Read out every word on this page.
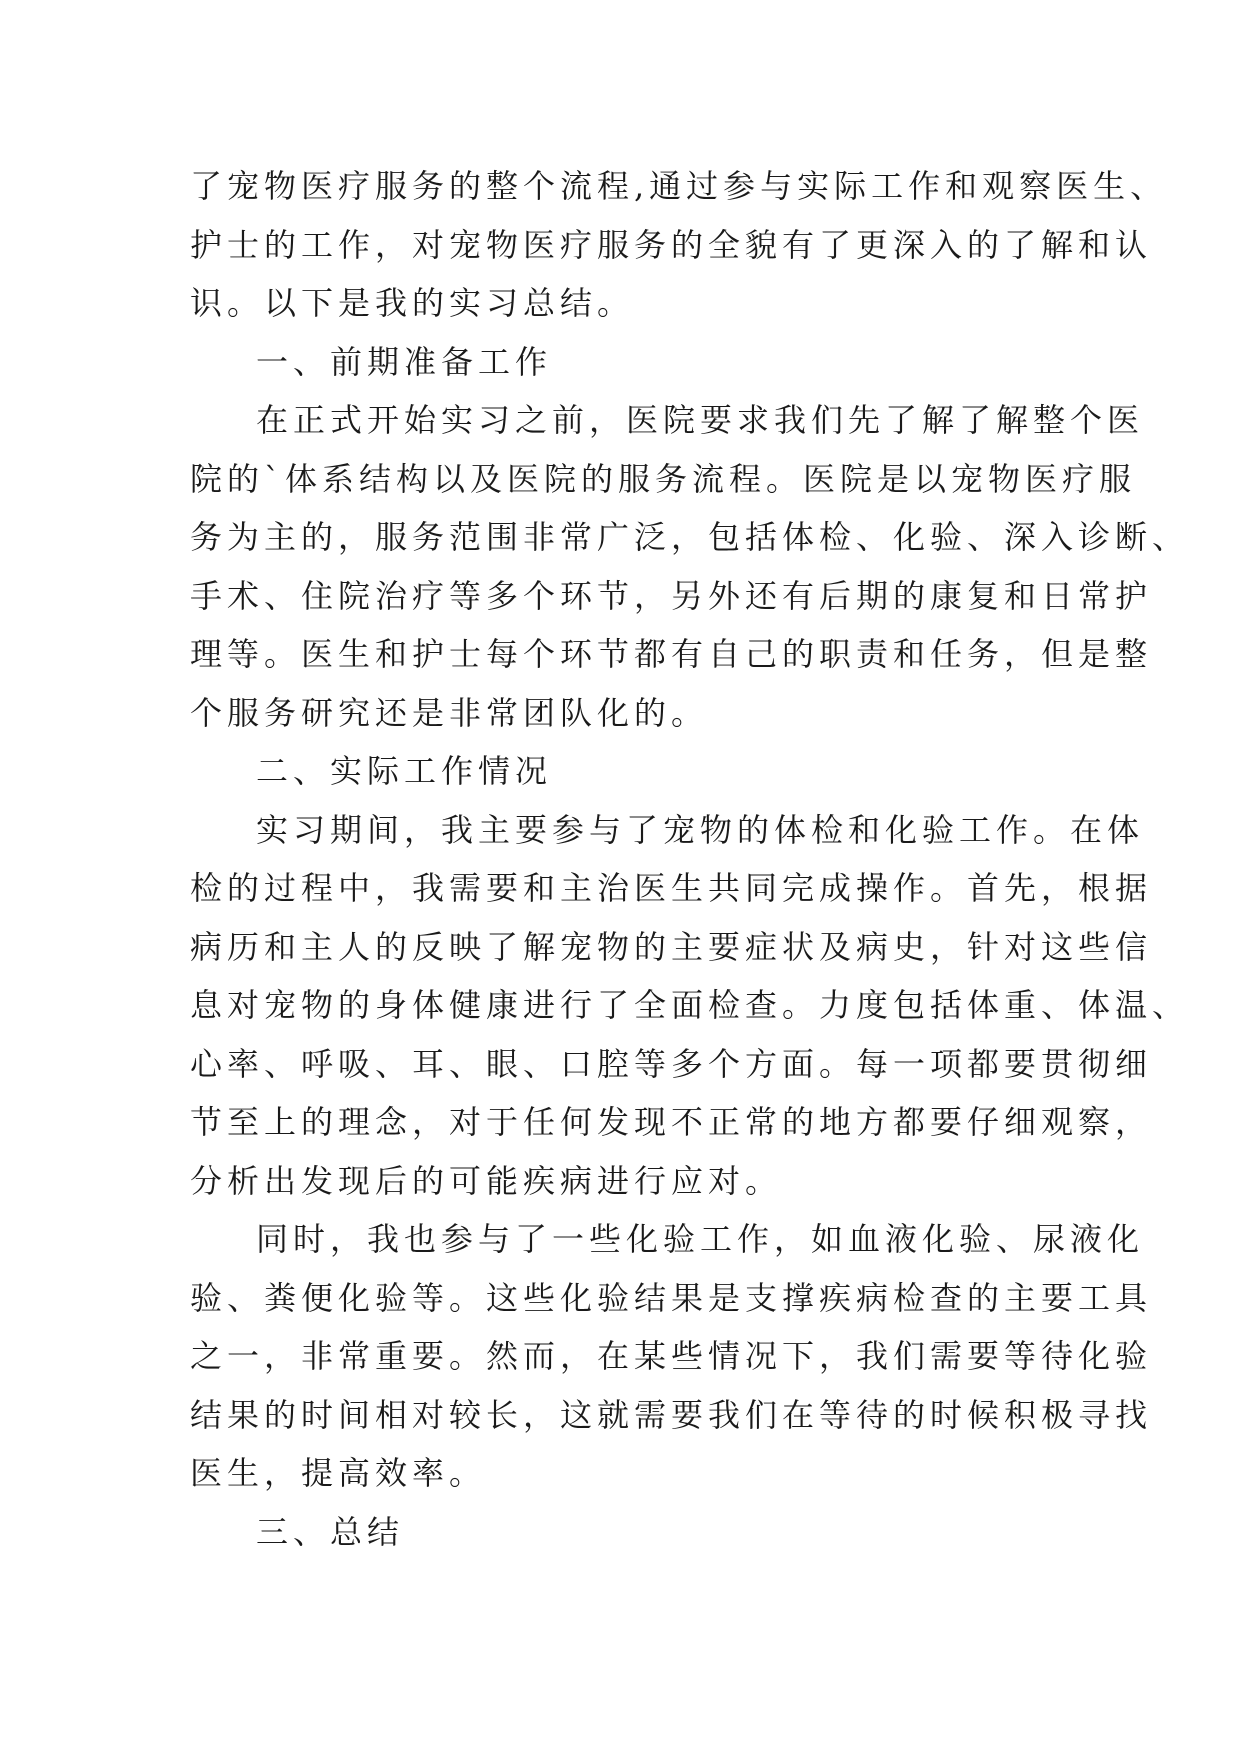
了宠物医疗服务的整个流程,通过参与实际工作和观察医生、
护士的工作，对宠物医疗服务的全貌有了更深入的了解和认
识。以下是我的实习总结。
一、前期准备工作
在正式开始实习之前，医院要求我们先了解了解整个医
院的`体系结构以及医院的服务流程。医院是以宠物医疗服
务为主的，服务范围非常广泛，包括体检、化验、深入诊断、
手术、住院治疗等多个环节，另外还有后期的康复和日常护
理等。医生和护士每个环节都有自己的职责和任务，但是整
个服务研究还是非常团队化的。
二、实际工作情况
实习期间，我主要参与了宠物的体检和化验工作。在体
检的过程中，我需要和主治医生共同完成操作。首先，根据
病历和主人的反映了解宠物的主要症状及病史，针对这些信
息对宠物的身体健康进行了全面检查。力度包括体重、体温、
心率、呼吸、耳、眼、口腔等多个方面。每一项都要贯彻细
节至上的理念，对于任何发现不正常的地方都要仔细观察，
分析出发现后的可能疾病进行应对。
同时，我也参与了一些化验工作，如血液化验、尿液化
验、粪便化验等。这些化验结果是支撑疾病检查的主要工具
之一，非常重要。然而，在某些情况下，我们需要等待化验
结果的时间相对较长，这就需要我们在等待的时候积极寻找
医生，提高效率。
三、总结
